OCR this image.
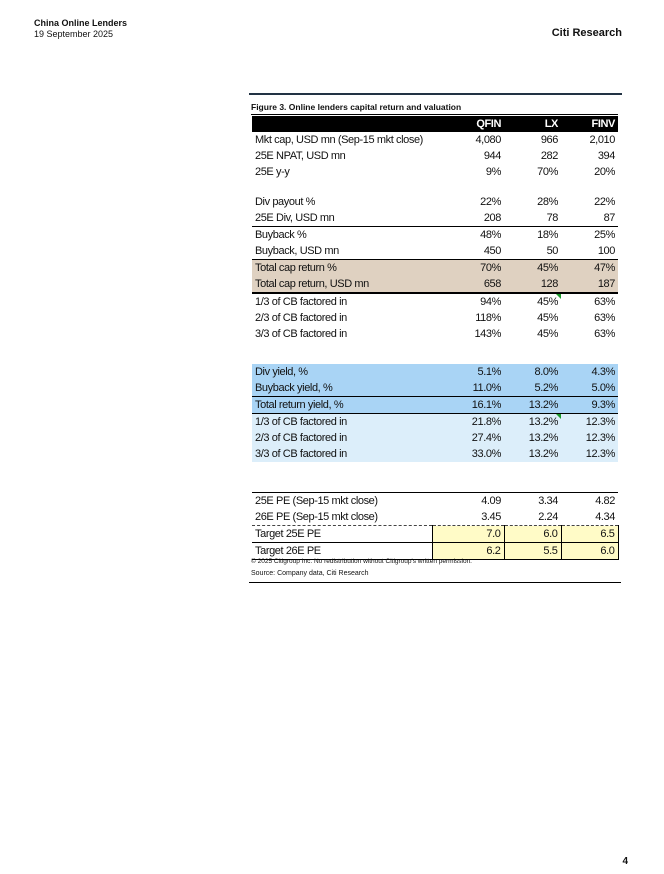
China Online Lenders
19 September 2025	Citi Research
Figure 3. Online lenders capital return and valuation
	QFIN	LX	FINV
Mkt cap, USD mn (Sep-15 mkt close)	4,080	966	2,010
25E NPAT, USD mn	944	282	394
25E y-y	9%	70%	20%

Div payout %	22%	28%	22%
25E Div, USD mn	208	78	87
Buyback %	48%	18%	25%
Buyback, USD mn	450	50	100
Total cap return %	70%	45%	47%
Total cap return, USD mn	658	128	187
1/3 of CB factored in	94%	45%	63%
2/3 of CB factored in	118%	45%	63%
3/3 of CB factored in	143%	45%	63%

Div yield, %	5.1%	8.0%	4.3%
Buyback yield, %	11.0%	5.2%	5.0%
Total return yield, %	16.1%	13.2%	9.3%
1/3 of CB factored in	21.8%	13.2%	12.3%
2/3 of CB factored in	27.4%	13.2%	12.3%
3/3 of CB factored in	33.0%	13.2%	12.3%

25E PE (Sep-15 mkt close)	4.09	3.34	4.82
26E PE (Sep-15 mkt close)	3.45	2.24	4.34
Target 25E PE	7.0	6.0	6.5
Target 26E PE	6.2	5.5	6.0
© 2025 Citigroup Inc. No redistribution without Citigroup's written permission.
Source: Company data, Citi Research
4
